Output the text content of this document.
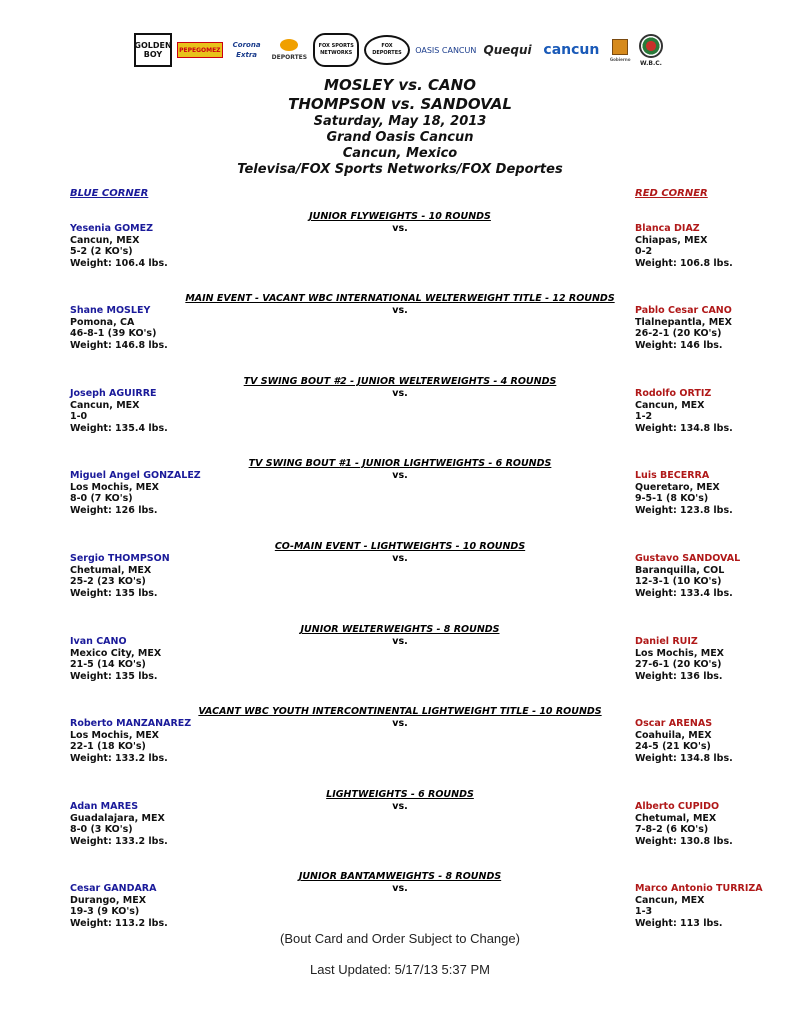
GOLDEN BOY	PEPEGOMEZ
Corona Extra	DEPORTES
FOX SPORTS NETWORKS
FOX DEPORTES	OASIS CANCUN Quequi cancun
Gobierno
W.B.C.
MOSLEY vs. CANO
THOMPSON vs. SANDOVAL
Saturday, May 18, 2013
Grand Oasis Cancun
Cancun, Mexico
Televisa/FOX Sports Networks/FOX Deportes
BLUE CORNER	RED CORNER
JUNIOR FLYWEIGHTS - 10 ROUNDS
vs.
Yesenia GOMEZ
Cancun, MEX
5-2 (2 KO's)
Weight: 106.4 lbs.
Blanca DIAZ
Chiapas, MEX
0-2
Weight: 106.8 lbs.
MAIN EVENT - VACANT WBC INTERNATIONAL WELTERWEIGHT TITLE - 12 ROUNDS
vs.
Shane MOSLEY
Pomona, CA
46-8-1 (39 KO's)
Weight: 146.8 lbs.
Pablo Cesar CANO
Tlalnepantla, MEX
26-2-1 (20 KO's)
Weight: 146 lbs.
TV SWING BOUT #2 - JUNIOR WELTERWEIGHTS - 4 ROUNDS
vs.
Joseph AGUIRRE
Cancun, MEX
1-0
Weight: 135.4 lbs.
Rodolfo ORTIZ
Cancun, MEX
1-2
Weight: 134.8 lbs.
TV SWING BOUT #1 - JUNIOR LIGHTWEIGHTS - 6 ROUNDS
vs.
Miguel Angel GONZALEZ
Los Mochis, MEX
8-0 (7 KO's)
Weight: 126 lbs.
Luis BECERRA
Queretaro, MEX
9-5-1 (8 KO's)
Weight: 123.8 lbs.
CO-MAIN EVENT - LIGHTWEIGHTS - 10 ROUNDS
vs.
Sergio THOMPSON
Chetumal, MEX
25-2 (23 KO's)
Weight: 135 lbs.
Gustavo SANDOVAL
Baranquilla, COL
12-3-1 (10 KO's)
Weight: 133.4 lbs.
JUNIOR WELTERWEIGHTS - 8 ROUNDS
vs.
Ivan CANO
Mexico City, MEX
21-5 (14 KO's)
Weight: 135 lbs.
Daniel RUIZ
Los Mochis, MEX
27-6-1 (20 KO's)
Weight: 136 lbs.
VACANT WBC YOUTH INTERCONTINENTAL LIGHTWEIGHT TITLE - 10 ROUNDS
vs.
Roberto MANZANAREZ
Los Mochis, MEX
22-1 (18 KO's)
Weight: 133.2 lbs.
Oscar ARENAS
Coahuila, MEX
24-5 (21 KO's)
Weight: 134.8 lbs.
LIGHTWEIGHTS - 6 ROUNDS
vs.
Adan MARES
Guadalajara, MEX
8-0 (3 KO's)
Weight: 133.2 lbs.
Alberto CUPIDO
Chetumal, MEX
7-8-2 (6 KO's)
Weight: 130.8 lbs.
JUNIOR BANTAMWEIGHTS - 8 ROUNDS
vs.
Cesar GANDARA
Durango, MEX
19-3 (9 KO's)
Weight: 113.2 lbs.
Marco Antonio TURRIZA
Cancun, MEX
1-3
Weight: 113 lbs.
(Bout Card and Order Subject to Change)
Last Updated: 5/17/13 5:37 PM
